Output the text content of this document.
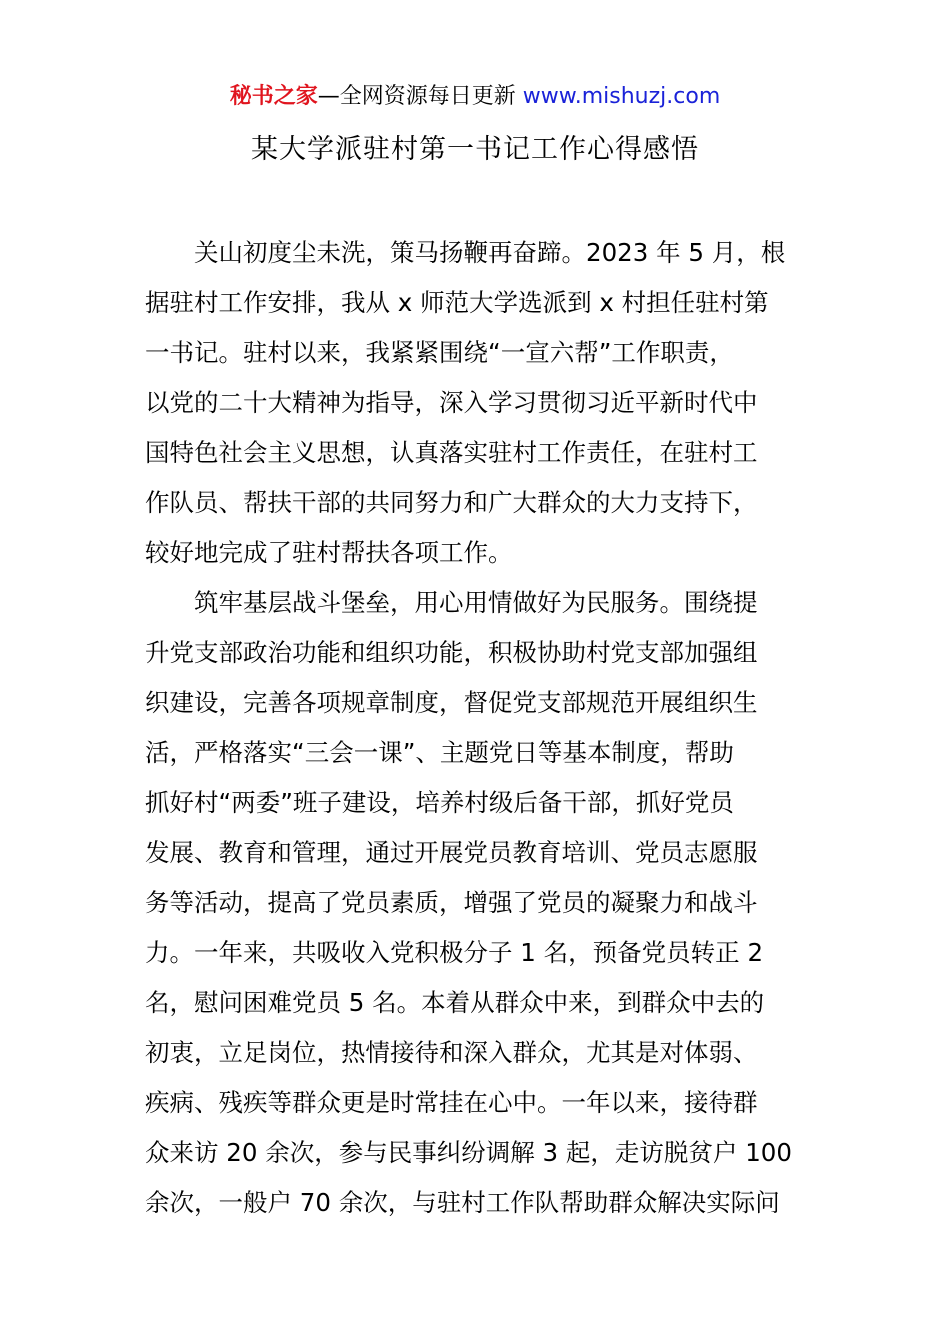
秘书之家—全网资源每日更新 www.mishuzj.com
某大学派驻村第一书记工作心得感悟

关山初度尘未洗，策马扬鞭再奋蹄。2023 年 5 月，根
据驻村工作安排，我从 x 师范大学选派到 x 村担任驻村第
一书记。驻村以来，我紧紧围绕“一宣六帮”工作职责，
以党的二十大精神为指导，深入学习贯彻习近平新时代中
国特色社会主义思想，认真落实驻村工作责任，在驻村工
作队员、帮扶干部的共同努力和广大群众的大力支持下，
较好地完成了驻村帮扶各项工作。

筑牢基层战斗堡垒，用心用情做好为民服务。围绕提
升党支部政治功能和组织功能，积极协助村党支部加强组
织建设，完善各项规章制度，督促党支部规范开展组织生
活，严格落实“三会一课”、主题党日等基本制度，帮助
抓好村“两委”班子建设，培养村级后备干部，抓好党员
发展、教育和管理，通过开展党员教育培训、党员志愿服
务等活动，提高了党员素质，增强了党员的凝聚力和战斗
力。一年来，共吸收入党积极分子 1 名，预备党员转正 2
名，慰问困难党员 5 名。本着从群众中来，到群众中去的
初衷，立足岗位，热情接待和深入群众，尤其是对体弱、
疾病、残疾等群众更是时常挂在心中。一年以来，接待群
众来访 20 余次，参与民事纠纷调解 3 起，走访脱贫户 100
余次，一般户 70 余次，与驻村工作队帮助群众解决实际问
